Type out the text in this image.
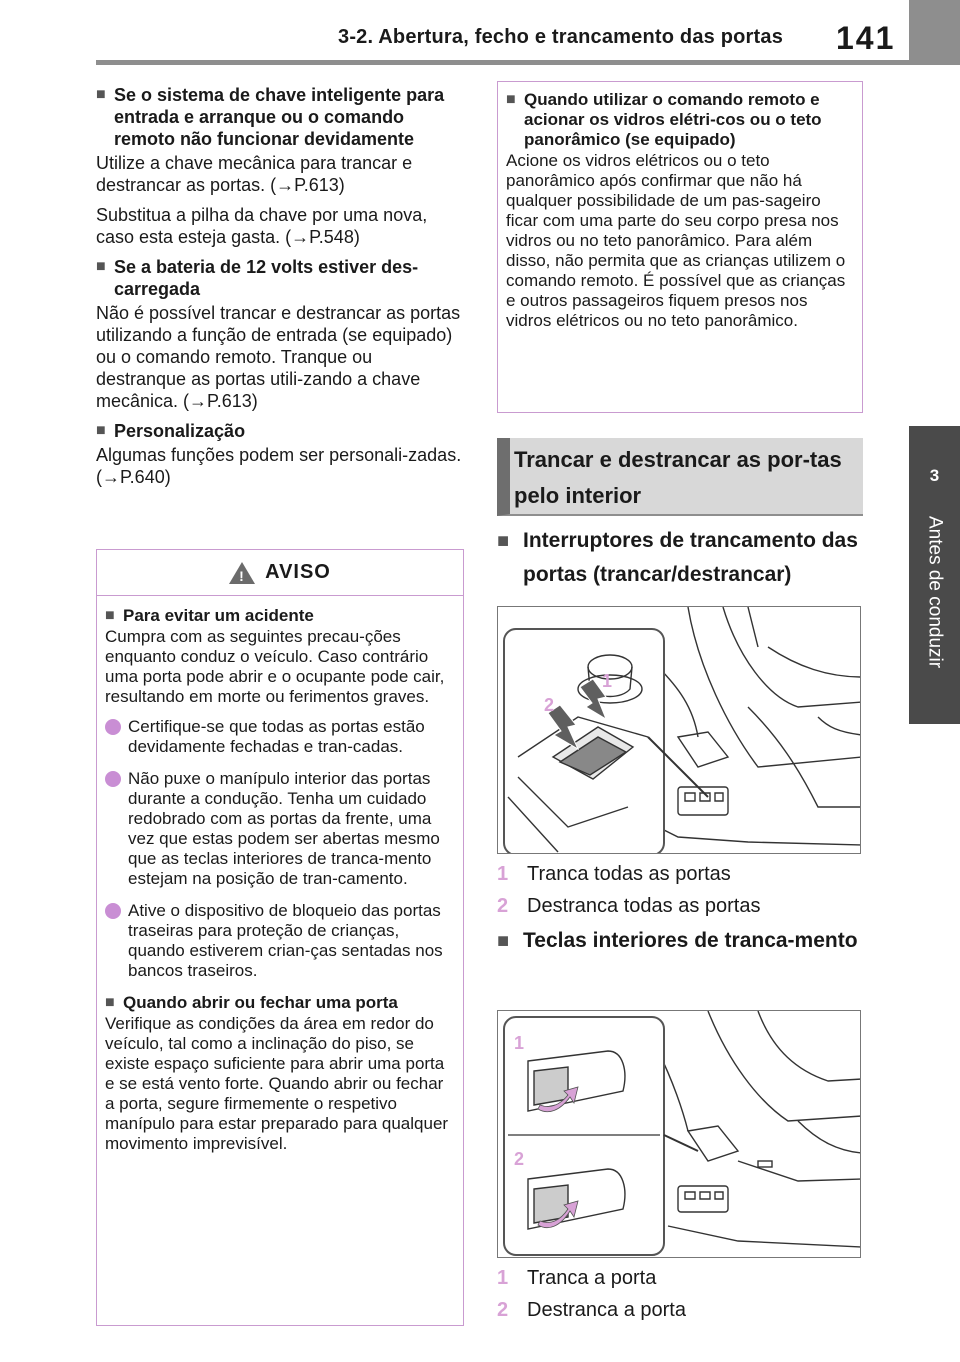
3-2. Abertura, fecho e trancamento das portas 141
3
Antes de conduzir
■ Se o sistema de chave inteligente para entrada e arranque ou o comando remoto não funcionar devidamente
Utilize a chave mecânica para trancar e destrancar as portas. (→P.613)
Substitua a pilha da chave por uma nova, caso esta esteja gasta. (→P.548)
■ Se a bateria de 12 volts estiver des-carregada
Não é possível trancar e destrancar as portas utilizando a função de entrada (se equipado) ou o comando remoto. Tranque ou destranque as portas utili-zando a chave mecânica. (→P.613)
■ Personalização
Algumas funções podem ser personali-zadas. (→P.640)
! AVISO
■ Para evitar um acidente
Cumpra com as seguintes precau-ções enquanto conduz o veículo. Caso contrário uma porta pode abrir e o ocupante pode cair, resultando em morte ou ferimentos graves.
Certifique-se que todas as portas estão devidamente fechadas e tran-cadas.
Não puxe o manípulo interior das portas durante a condução. Tenha um cuidado redobrado com as portas da frente, uma vez que estas podem ser abertas mesmo que as teclas interiores de tranca-mento estejam na posição de tran-camento.
Ative o dispositivo de bloqueio das portas traseiras para proteção de crianças, quando estiverem crian-ças sentadas nos bancos traseiros.
■ Quando abrir ou fechar uma porta
Verifique as condições da área em redor do veículo, tal como a inclinação do piso, se existe espaço suficiente para abrir uma porta e se está vento forte. Quando abrir ou fechar a porta, segure firmemente o respetivo manípulo para estar preparado para qualquer movimento imprevisível.
■ Quando utilizar o comando remoto e acionar os vidros elétri-cos ou o teto panorâmico (se equipado)
Acione os vidros elétricos ou o teto panorâmico após confirmar que não há qualquer possibilidade de um pas-sageiro ficar com uma parte do seu corpo presa nos vidros ou no teto panorâmico. Para além disso, não permita que as crianças utilizem o comando remoto. É possível que as crianças e outros passageiros fiquem presos nos vidros elétricos ou no teto panorâmico.
Trancar e destrancar as por-tas pelo interior
■ Interruptores de trancamento das portas (trancar/destrancar)
1
2
1 Tranca todas as portas
2 Destranca todas as portas
■ Teclas interiores de tranca-mento
1
2
1 Tranca a porta
2 Destranca a porta
